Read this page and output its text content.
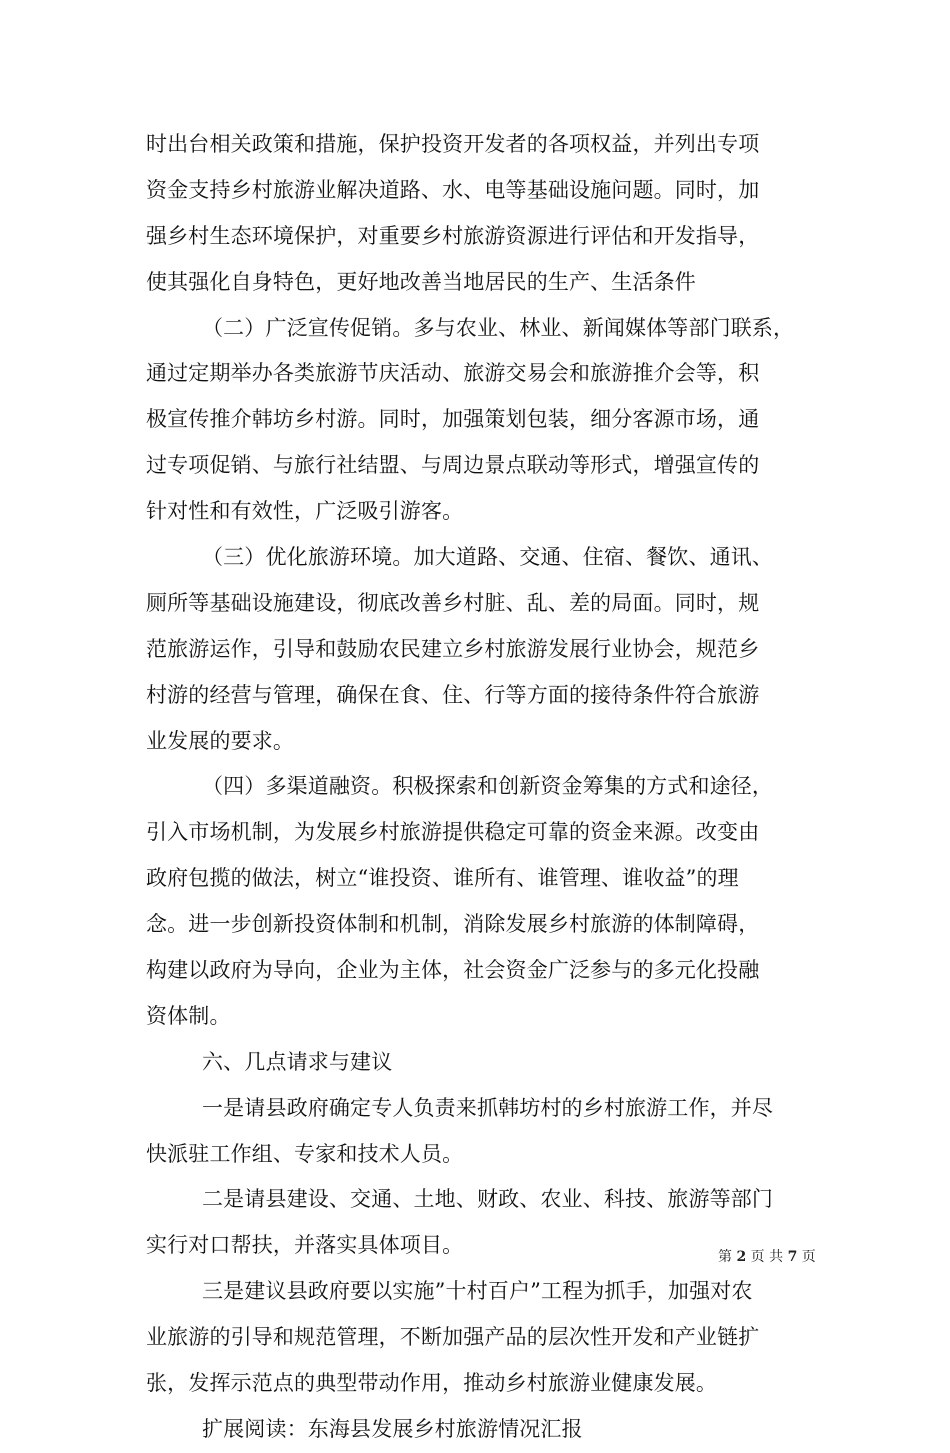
时出台相关政策和措施，保护投资开发者的各项权益，并列出专项
资金支持乡村旅游业解决道路、水、电等基础设施问题。同时，加
强乡村生态环境保护，对重要乡村旅游资源进行评估和开发指导，
使其强化自身特色，更好地改善当地居民的生产、生活条件
（二）广泛宣传促销。多与农业、林业、新闻媒体等部门联系，
通过定期举办各类旅游节庆活动、旅游交易会和旅游推介会等，积
极宣传推介韩坊乡村游。同时，加强策划包装，细分客源市场，通
过专项促销、与旅行社结盟、与周边景点联动等形式，增强宣传的
针对性和有效性，广泛吸引游客。
（三）优化旅游环境。加大道路、交通、住宿、餐饮、通讯、
厕所等基础设施建设，彻底改善乡村脏、乱、差的局面。同时，规
范旅游运作，引导和鼓励农民建立乡村旅游发展行业协会，规范乡
村游的经营与管理，确保在食、住、行等方面的接待条件符合旅游
业发展的要求。
（四）多渠道融资。积极探索和创新资金筹集的方式和途径，
引入市场机制，为发展乡村旅游提供稳定可靠的资金来源。改变由
政府包揽的做法，树立“谁投资、谁所有、谁管理、谁收益”的理
念。进一步创新投资体制和机制，消除发展乡村旅游的体制障碍，
构建以政府为导向，企业为主体，社会资金广泛参与的多元化投融
资体制。
六、几点请求与建议
一是请县政府确定专人负责来抓韩坊村的乡村旅游工作，并尽
快派驻工作组、专家和技术人员。
二是请县建设、交通、土地、财政、农业、科技、旅游等部门
实行对口帮扶，并落实具体项目。
三是建议县政府要以实施”十村百户”工程为抓手，加强对农
业旅游的引导和规范管理，不断加强产品的层次性开发和产业链扩
张，发挥示范点的典型带动作用，推动乡村旅游业健康发展。
扩展阅读：东海县发展乡村旅游情况汇报
第 2 页 共 7 页
